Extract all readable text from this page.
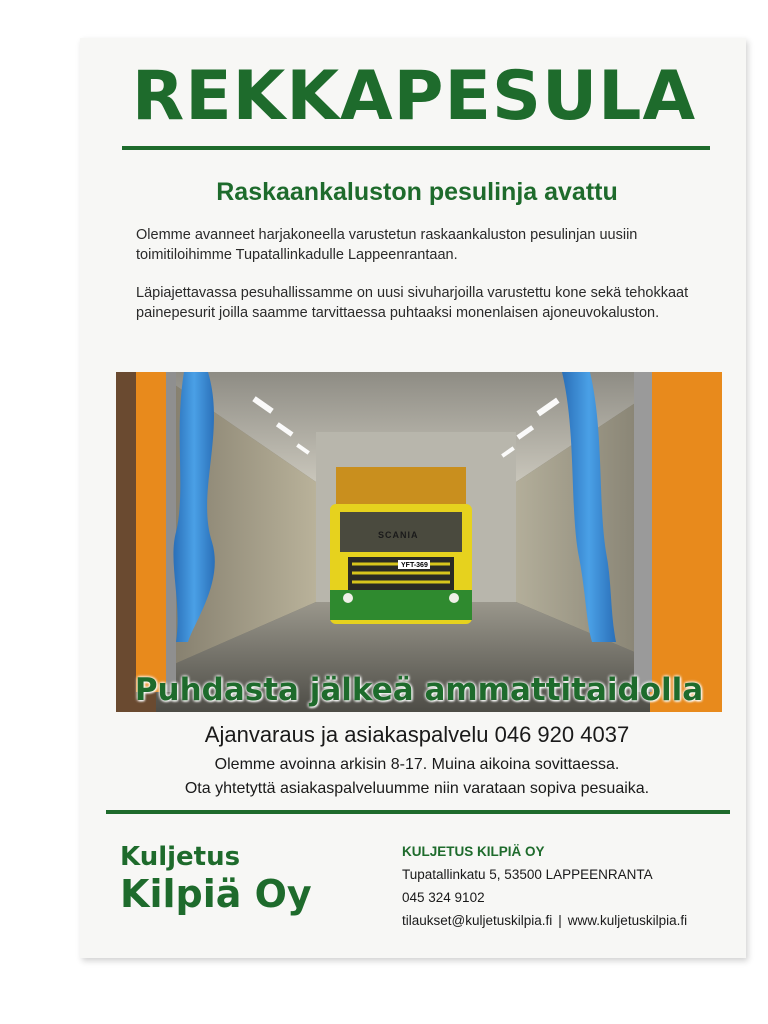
REKKAPESULA
Raskaankaluston pesulinja avattu
Olemme avanneet harjakoneella varustetun raskaankaluston pesulinjan uusiin toimitiloihimme Tupatallinkadulle Lappeenrantaan.
Läpiajettavassa pesuhallissamme on uusi sivuharjoilla varustettu kone sekä tehokkaat painepesurit joilla saamme tarvittaessa puhtaaksi monenlaisen ajoneuvokaluston.
SCANIA
YFT-369
Puhdasta jälkeä ammattitaidolla
Ajanvaraus ja asiakaspalvelu 046 920 4037
Olemme avoinna arkisin 8-17. Muina aikoina sovittaessa.
Ota yhtetyttä asiakaspalveluumme niin varataan sopiva pesuaika.
Kuljetus
Kilpiä Oy
KULJETUS KILPIÄ OY
Tupatallinkatu 5, 53500 LAPPEENRANTA
045 324 9102
tilaukset@kuljetuskilpia.fi | www.kuljetuskilpia.fi
